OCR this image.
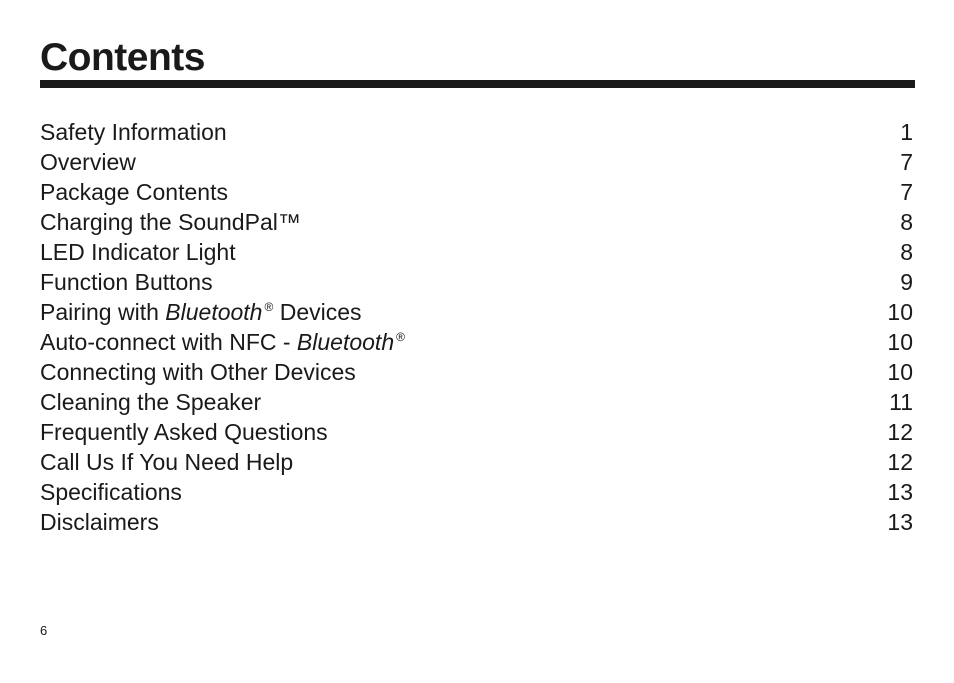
Contents
Safety Information	1
Overview	7
Package Contents	7
Charging the SoundPal™	8
LED Indicator Light	8
Function Buttons	9
Pairing with Bluetooth ® Devices	10
Auto-connect with NFC - Bluetooth ®	10
Connecting with Other Devices	10
Cleaning the Speaker	11
Frequently Asked Questions	12
Call Us If You Need Help	12
Specifications	13
Disclaimers	13
6
